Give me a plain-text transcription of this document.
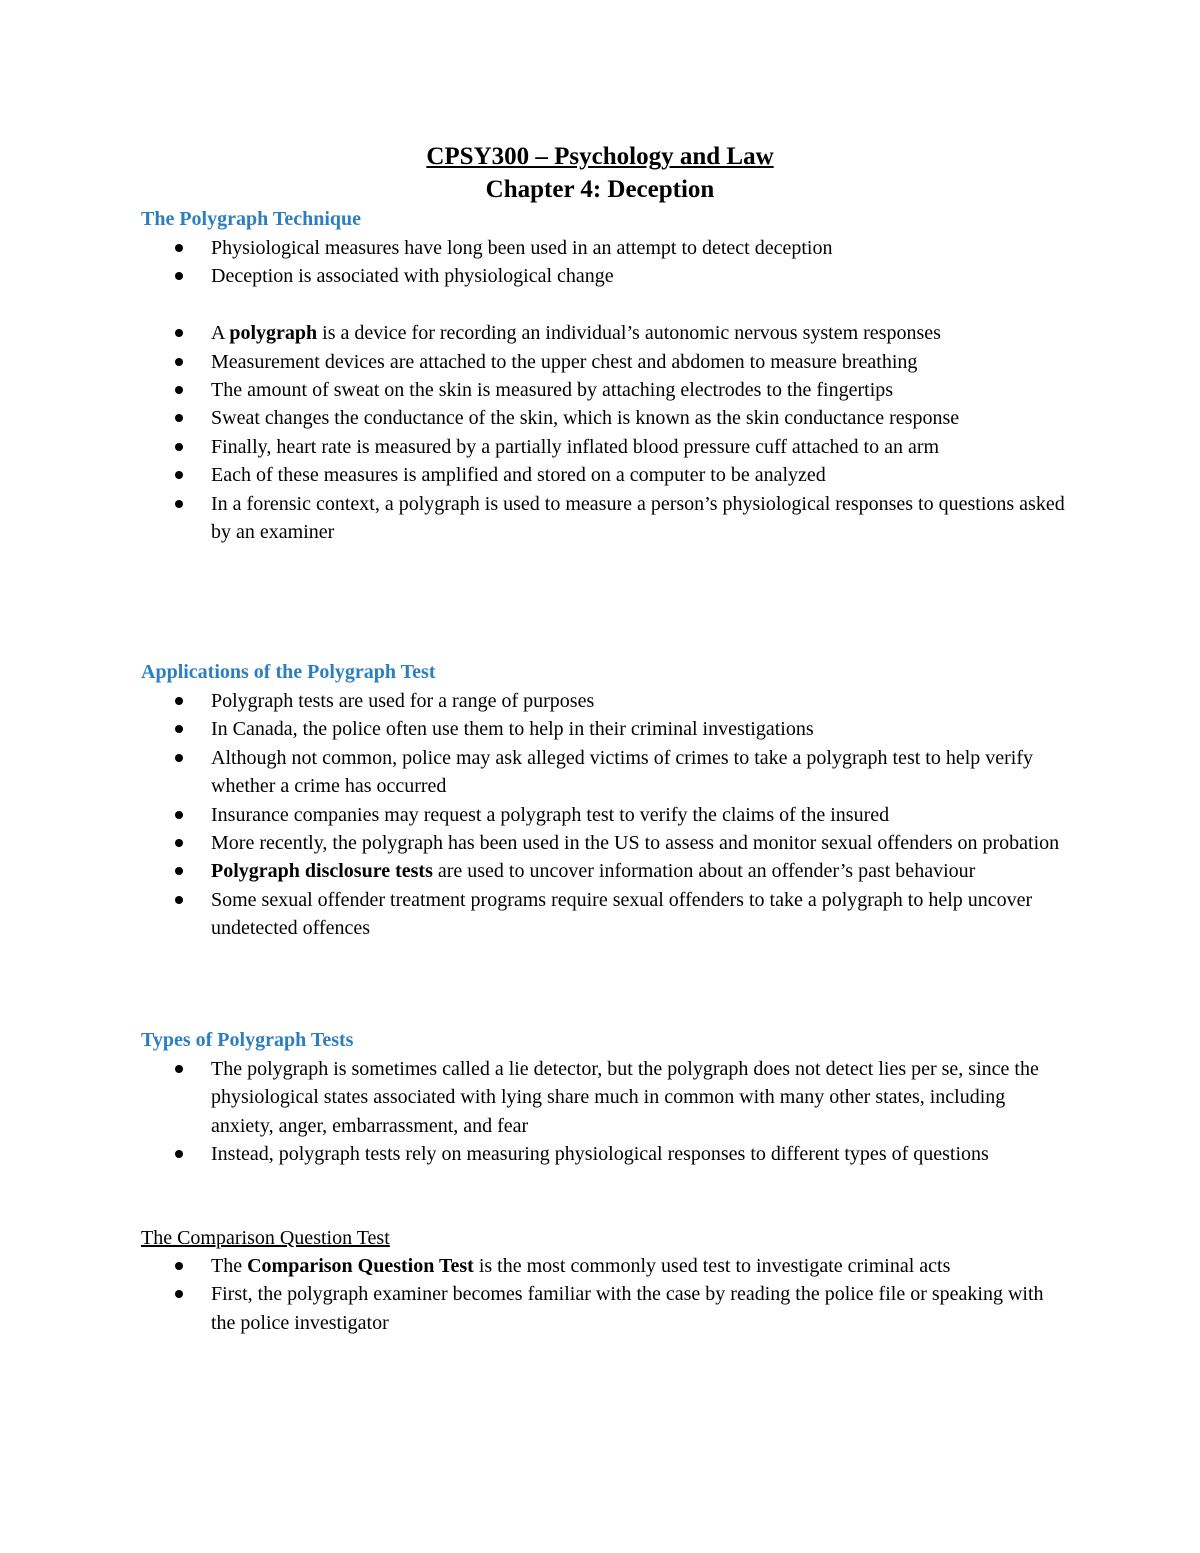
CPSY300 – Psychology and Law
Chapter 4: Deception
The Polygraph Technique
Physiological measures have long been used in an attempt to detect deception
Deception is associated with physiological change
A polygraph is a device for recording an individual’s autonomic nervous system responses
Measurement devices are attached to the upper chest and abdomen to measure breathing
The amount of sweat on the skin is measured by attaching electrodes to the fingertips
Sweat changes the conductance of the skin, which is known as the skin conductance response
Finally, heart rate is measured by a partially inflated blood pressure cuff attached to an arm
Each of these measures is amplified and stored on a computer to be analyzed
In a forensic context, a polygraph is used to measure a person’s physiological responses to questions asked by an examiner
Applications of the Polygraph Test
Polygraph tests are used for a range of purposes
In Canada, the police often use them to help in their criminal investigations
Although not common, police may ask alleged victims of crimes to take a polygraph test to help verify whether a crime has occurred
Insurance companies may request a polygraph test to verify the claims of the insured
More recently, the polygraph has been used in the US to assess and monitor sexual offenders on probation
Polygraph disclosure tests are used to uncover information about an offender’s past behaviour
Some sexual offender treatment programs require sexual offenders to take a polygraph to help uncover undetected offences
Types of Polygraph Tests
The polygraph is sometimes called a lie detector, but the polygraph does not detect lies per se, since the physiological states associated with lying share much in common with many other states, including anxiety, anger, embarrassment, and fear
Instead, polygraph tests rely on measuring physiological responses to different types of questions
The Comparison Question Test
The Comparison Question Test is the most commonly used test to investigate criminal acts
First, the polygraph examiner becomes familiar with the case by reading the police file or speaking with the police investigator
